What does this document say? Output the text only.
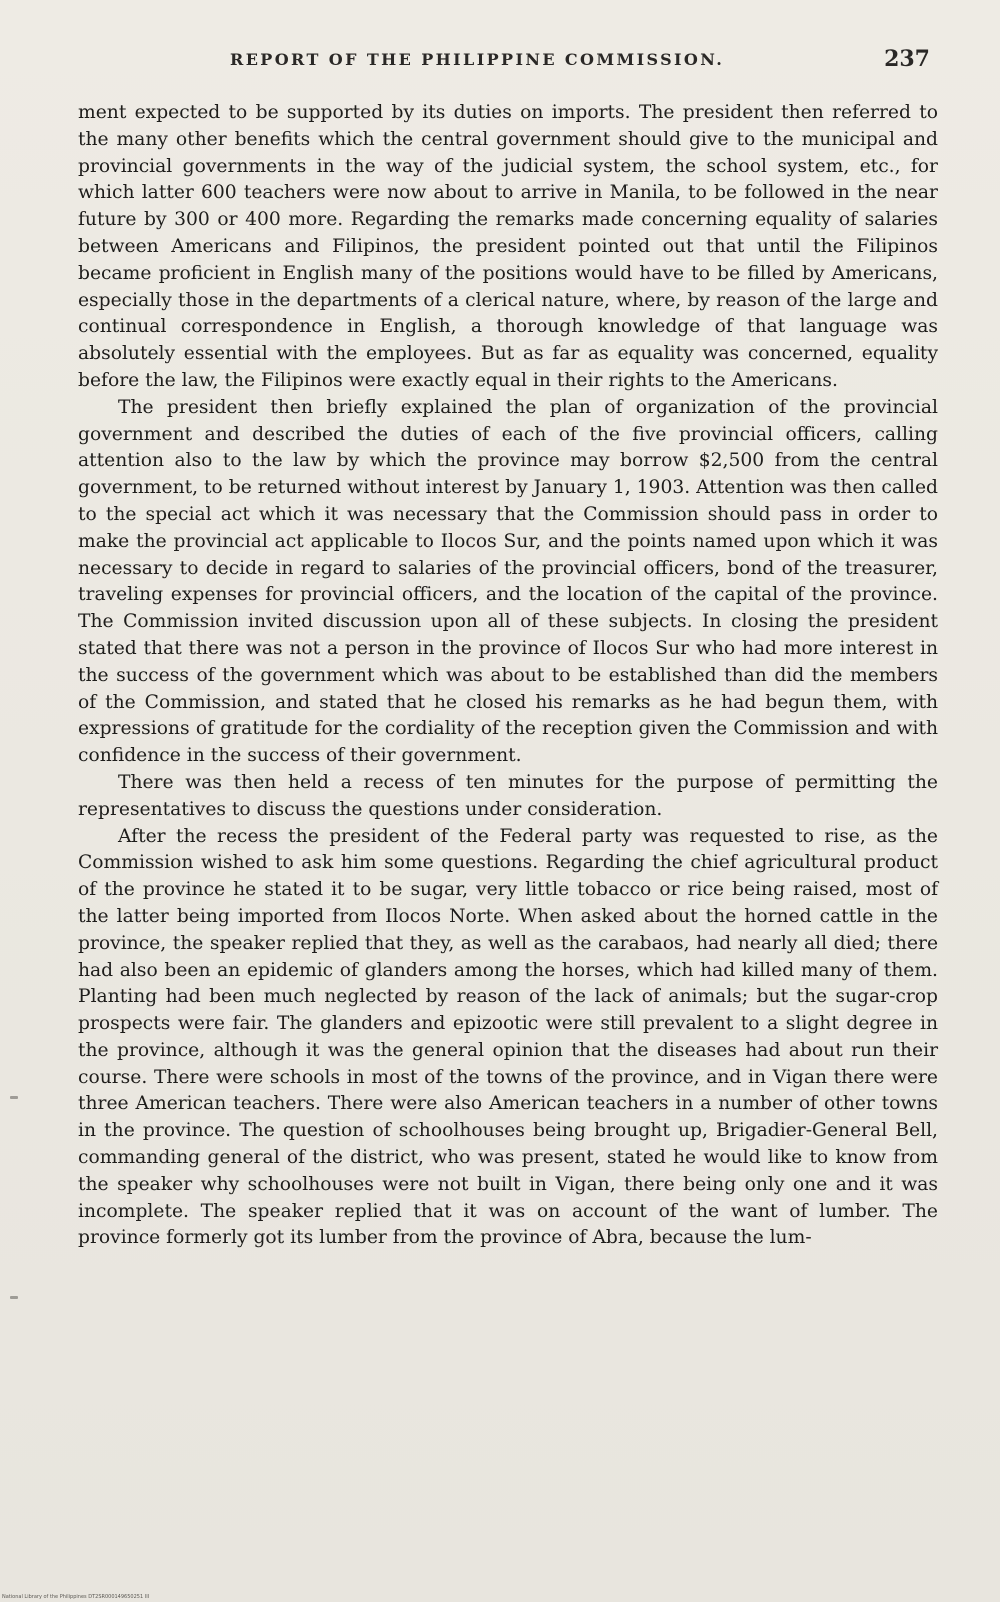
REPORT OF THE PHILIPPINE COMMISSION.	237

ment expected to be supported by its duties on imports. The president then referred to the many other benefits which the central government should give to the municipal and provincial governments in the way of the judicial system, the school system, etc., for which latter 600 teachers were now about to arrive in Manila, to be followed in the near future by 300 or 400 more. Regarding the remarks made concerning equality of salaries between Americans and Filipinos, the president pointed out that until the Filipinos became proficient in English many of the positions would have to be filled by Americans, especially those in the departments of a clerical nature, where, by reason of the large and continual correspondence in English, a thorough knowledge of that language was absolutely essential with the employees. But as far as equality was concerned, equality before the law, the Filipinos were exactly equal in their rights to the Americans.

The president then briefly explained the plan of organization of the provincial government and described the duties of each of the five provincial officers, calling attention also to the law by which the province may borrow $2,500 from the central government, to be returned without interest by January 1, 1903. Attention was then called to the special act which it was necessary that the Commission should pass in order to make the provincial act applicable to Ilocos Sur, and the points named upon which it was necessary to decide in regard to salaries of the provincial officers, bond of the treasurer, traveling expenses for provincial officers, and the location of the capital of the province. The Commission invited discussion upon all of these subjects. In closing the president stated that there was not a person in the province of Ilocos Sur who had more interest in the success of the government which was about to be established than did the members of the Commission, and stated that he closed his remarks as he had begun them, with expressions of gratitude for the cordiality of the reception given the Commission and with confidence in the success of their government.

There was then held a recess of ten minutes for the purpose of permitting the representatives to discuss the questions under consideration.

After the recess the president of the Federal party was requested to rise, as the Commission wished to ask him some questions. Regarding the chief agricultural product of the province he stated it to be sugar, very little tobacco or rice being raised, most of the latter being imported from Ilocos Norte. When asked about the horned cattle in the province, the speaker replied that they, as well as the carabaos, had nearly all died; there had also been an epidemic of glanders among the horses, which had killed many of them. Planting had been much neglected by reason of the lack of animals; but the sugar-crop prospects were fair. The glanders and epizootic were still prevalent to a slight degree in the province, although it was the general opinion that the diseases had about run their course. There were schools in most of the towns of the province, and in Vigan there were three American teachers. There were also American teachers in a number of other towns in the province. The question of schoolhouses being brought up, Brigadier-General Bell, commanding general of the district, who was present, stated he would like to know from the speaker why schoolhouses were not built in Vigan, there being only one and it was incomplete. The speaker replied that it was on account of the want of lumber. The province formerly got its lumber from the province of Abra, because the lum-

National Library of the Philippines DT2SR000149650251 III
